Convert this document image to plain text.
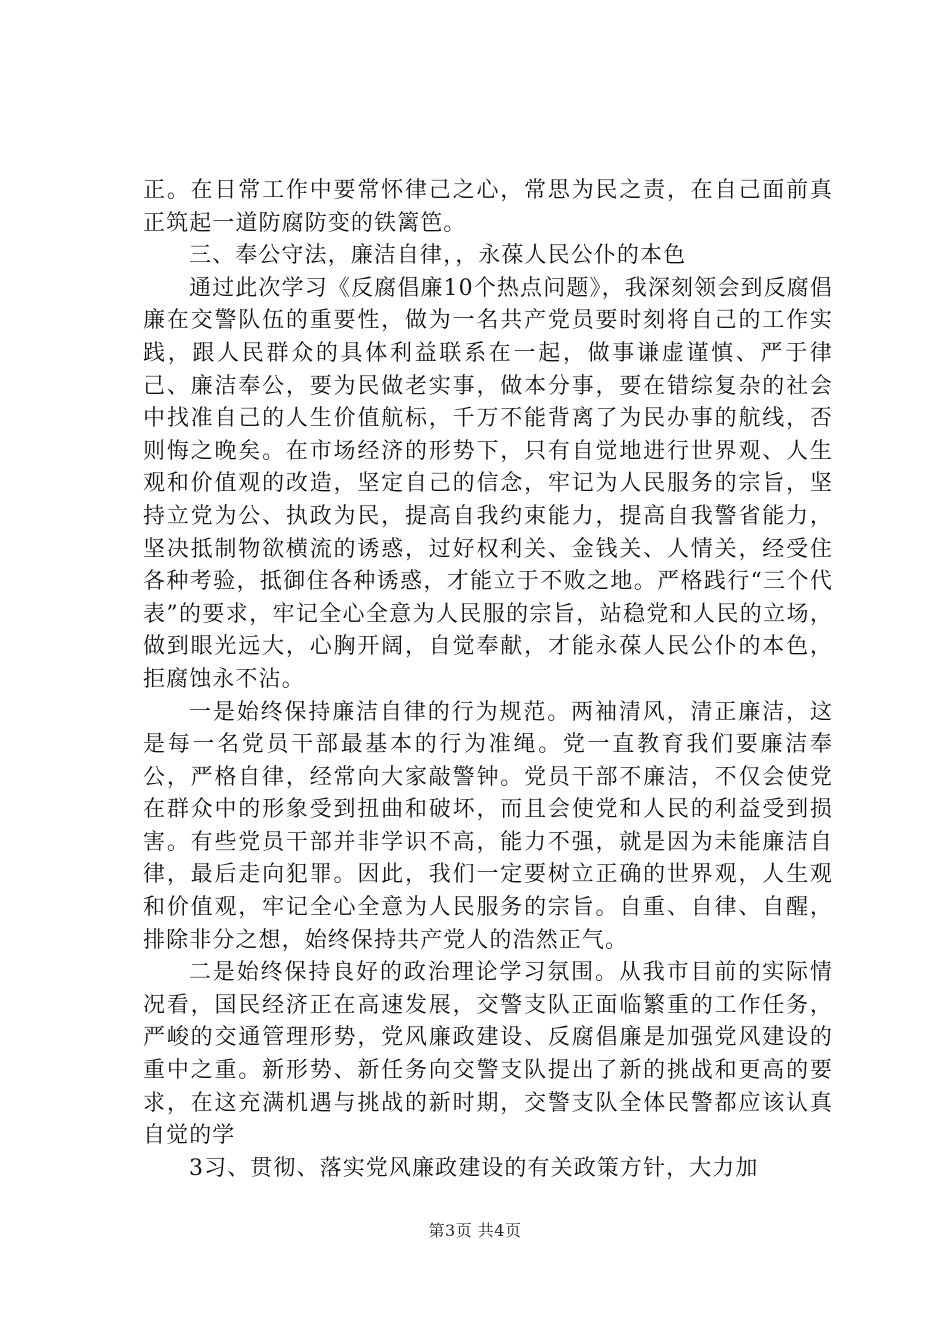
正。在日常工作中要常怀律己之心，常思为民之责，在自己面前真正筑起一道防腐防变的铁篱笆。

三、奉公守法，廉洁自律，，永葆人民公仆的本色

通过此次学习《反腐倡廉10个热点问题》，我深刻领会到反腐倡廉在交警队伍的重要性，做为一名共产党员要时刻将自己的工作实践，跟人民群众的具体利益联系在一起，做事谦虚谨慎、严于律己、廉洁奉公，要为民做老实事，做本分事，要在错综复杂的社会中找准自己的人生价值航标，千万不能背离了为民办事的航线，否则悔之晚矣。在市场经济的形势下，只有自觉地进行世界观、人生观和价值观的改造，坚定自己的信念，牢记为人民服务的宗旨，坚持立党为公、执政为民，提高自我约束能力，提高自我警省能力，坚决抵制物欲横流的诱惑，过好权利关、金钱关、人情关，经受住各种考验，抵御住各种诱惑，才能立于不败之地。严格践行“三个代表”的要求，牢记全心全意为人民服的宗旨，站稳党和人民的立场，做到眼光远大，心胸开阔，自觉奉献，才能永葆人民公仆的本色，拒腐蚀永不沾。

一是始终保持廉洁自律的行为规范。两袖清风，清正廉洁，这是每一名党员干部最基本的行为准绳。党一直教育我们要廉洁奉公，严格自律，经常向大家敲警钟。党员干部不廉洁，不仅会使党在群众中的形象受到扭曲和破坏，而且会使党和人民的利益受到损害。有些党员干部并非学识不高，能力不强，就是因为未能廉洁自律，最后走向犯罪。因此，我们一定要树立正确的世界观，人生观和价值观，牢记全心全意为人民服务的宗旨。自重、自律、自醒，排除非分之想，始终保持共产党人的浩然正气。

二是始终保持良好的政治理论学习氛围。从我市目前的实际情况看，国民经济正在高速发展，交警支队正面临繁重的工作任务，严峻的交通管理形势，党风廉政建设、反腐倡廉是加强党风建设的重中之重。新形势、新任务向交警支队提出了新的挑战和更高的要求，在这充满机遇与挑战的新时期，交警支队全体民警都应该认真自觉的学

3习、贯彻、落实党风廉政建设的有关政策方针，大力加

第3页 共4页
